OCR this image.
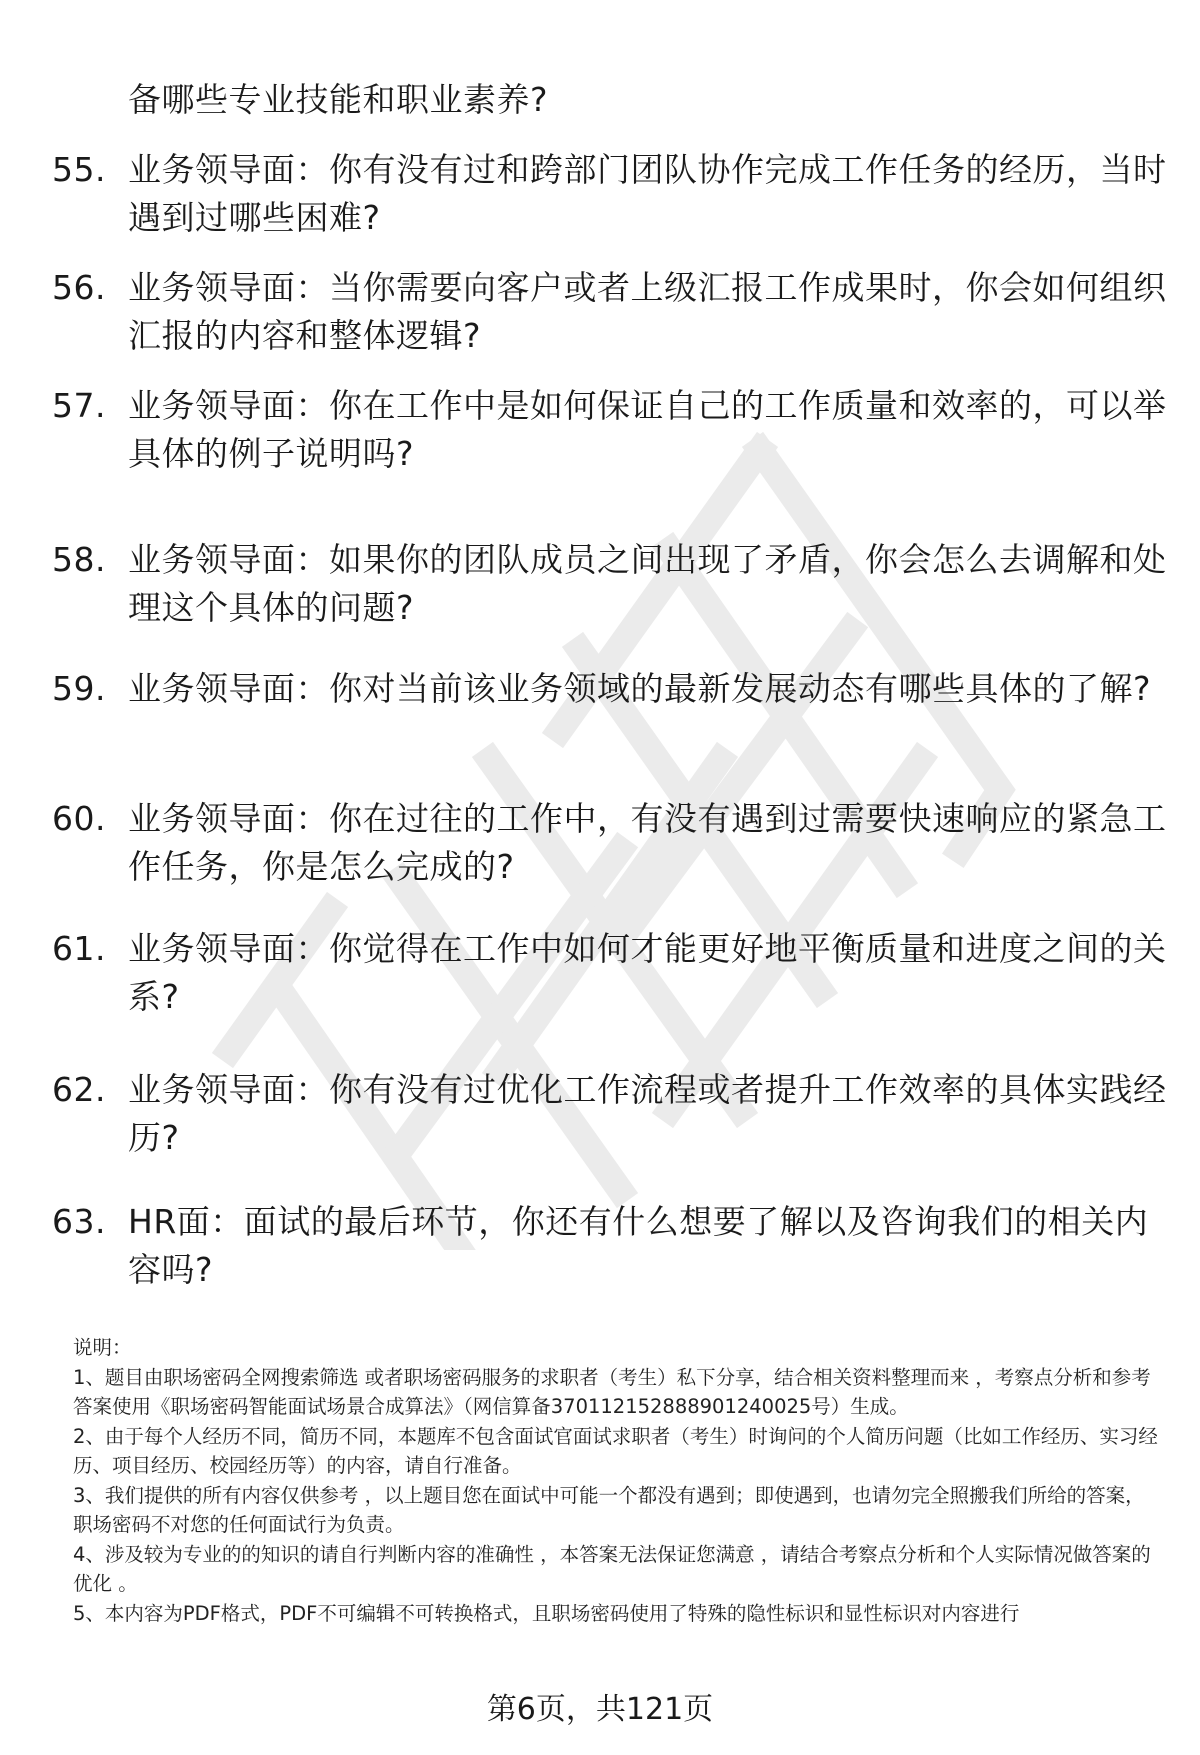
备哪些专业技能和职业素养?
55. 业务领导面：你有没有过和跨部门团队协作完成工作任务的经历，当时遇到过哪些困难?
56. 业务领导面：当你需要向客户或者上级汇报工作成果时，你会如何组织汇报的内容和整体逻辑?
57. 业务领导面：你在工作中是如何保证自己的工作质量和效率的，可以举具体的例子说明吗?
58. 业务领导面：如果你的团队成员之间出现了矛盾，你会怎么去调解和处理这个具体的问题?
59. 业务领导面：你对当前该业务领域的最新发展动态有哪些具体的了解?
60. 业务领导面：你在过往的工作中，有没有遇到过需要快速响应的紧急工作任务，你是怎么完成的?
61. 业务领导面：你觉得在工作中如何才能更好地平衡质量和进度之间的关系?
62. 业务领导面：你有没有过优化工作流程或者提升工作效率的具体实践经历?
63. HR面：面试的最后环节，你还有什么想要了解以及咨询我们的相关内容吗?

说明：

1、题目由职场密码全网搜索筛选 或者职场密码服务的求职者（考生）私下分享，结合相关资料整理而来 ，考察点分析和参考答案使用《职场密码智能面试场景合成算法》（网信算备370112152888901240025号）生成。

2、由于每个人经历不同，简历不同，本题库不包含面试官面试求职者（考生）时询问的个人简历问题（比如工作经历、实习经历、项目经历、校园经历等）的内容，请自行准备。

3、我们提供的所有内容仅供参考 ，以上题目您在面试中可能一个都没有遇到；即使遇到，也请勿完全照搬我们所给的答案，职场密码不对您的任何面试行为负责。

4、涉及较为专业的的知识的请自行判断内容的准确性 ，本答案无法保证您满意 ，请结合考察点分析和个人实际情况做答案的优化 。

5、本内容为PDF格式，PDF不可编辑不可转换格式，且职场密码使用了特殊的隐性标识和显性标识对内容进行

第6页，共121页
